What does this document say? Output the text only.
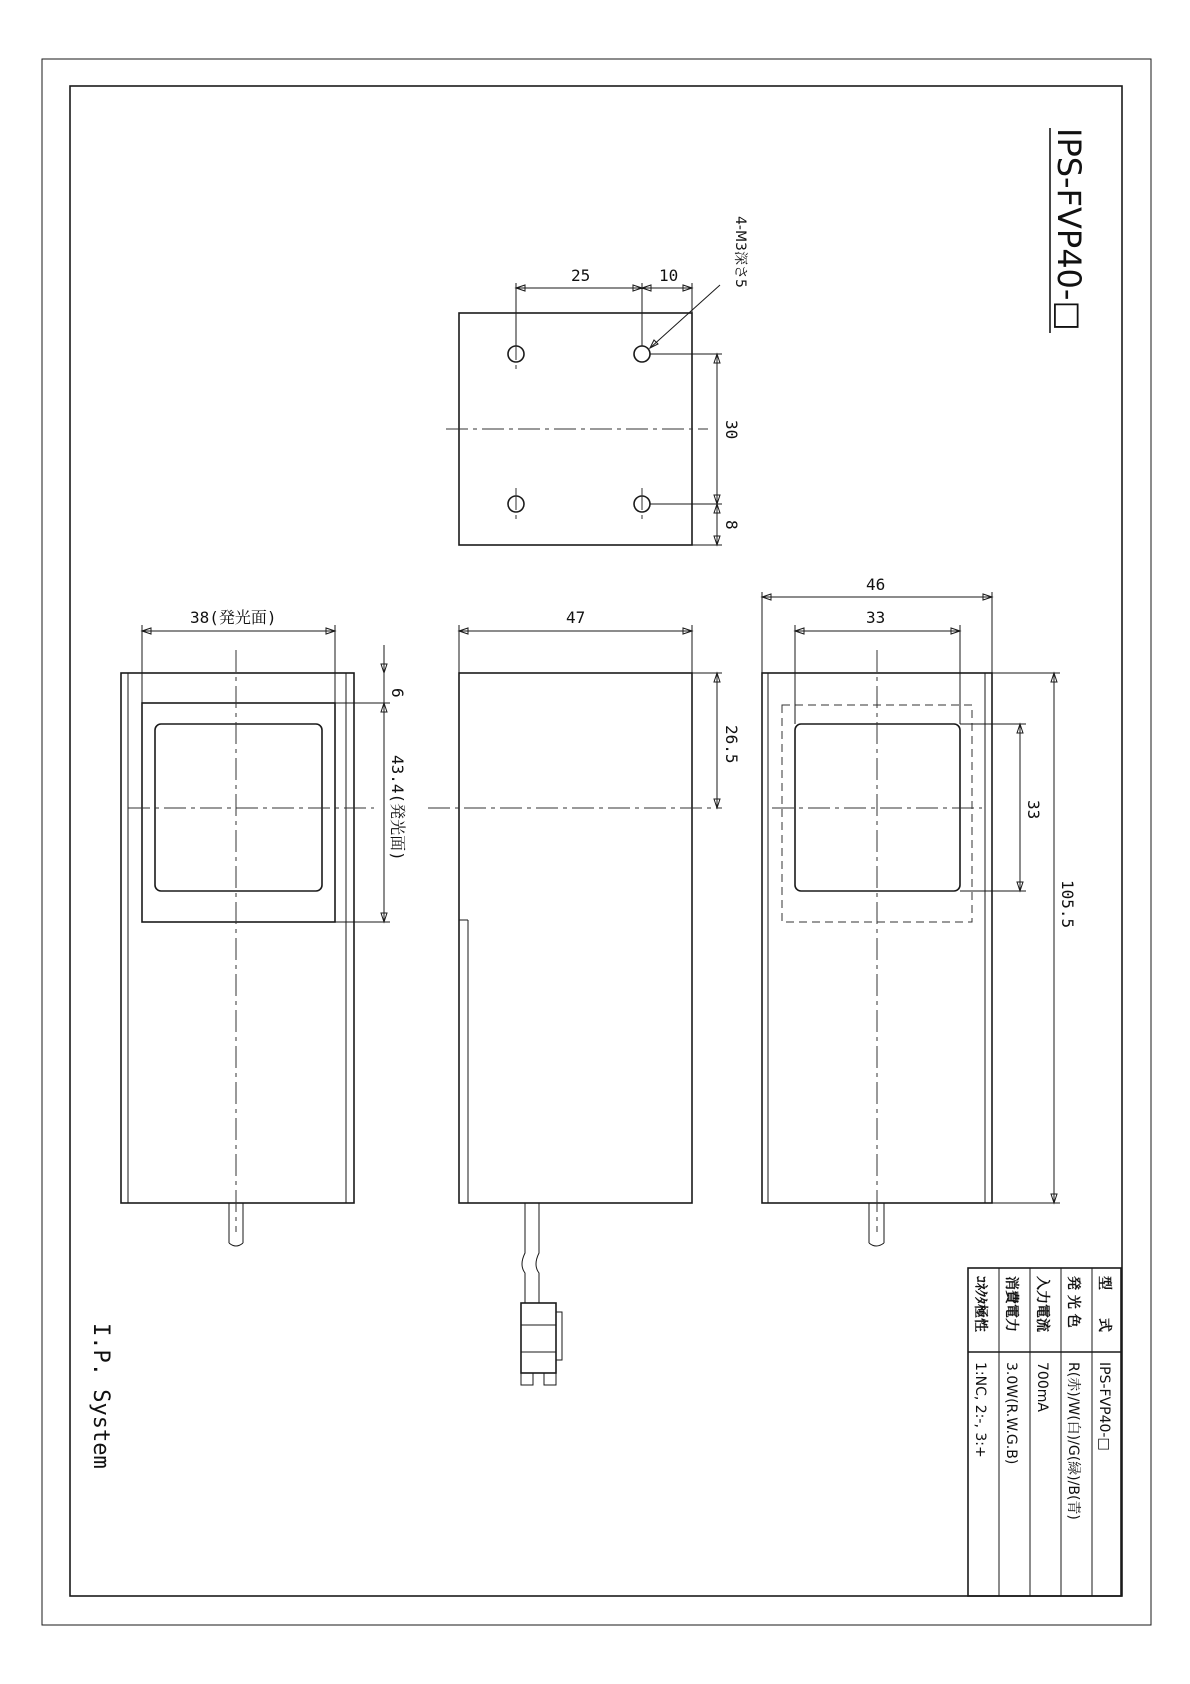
IPS-FVP40-□
25	10	4-M3深さ5
30
8
38(発光面)
6
43.4(発光面)
47
26.5
46
33
33
105.5
I.P. System
型　　式
IPS-FVP40-□
発 光 色
R(赤)/W(白)/G(緑)/B(青)
入力電流
700mA
消費電力
3.0W(R.W.G.B)
ｺﾈｸﾀ極性
1:NC, 2:-, 3:+
